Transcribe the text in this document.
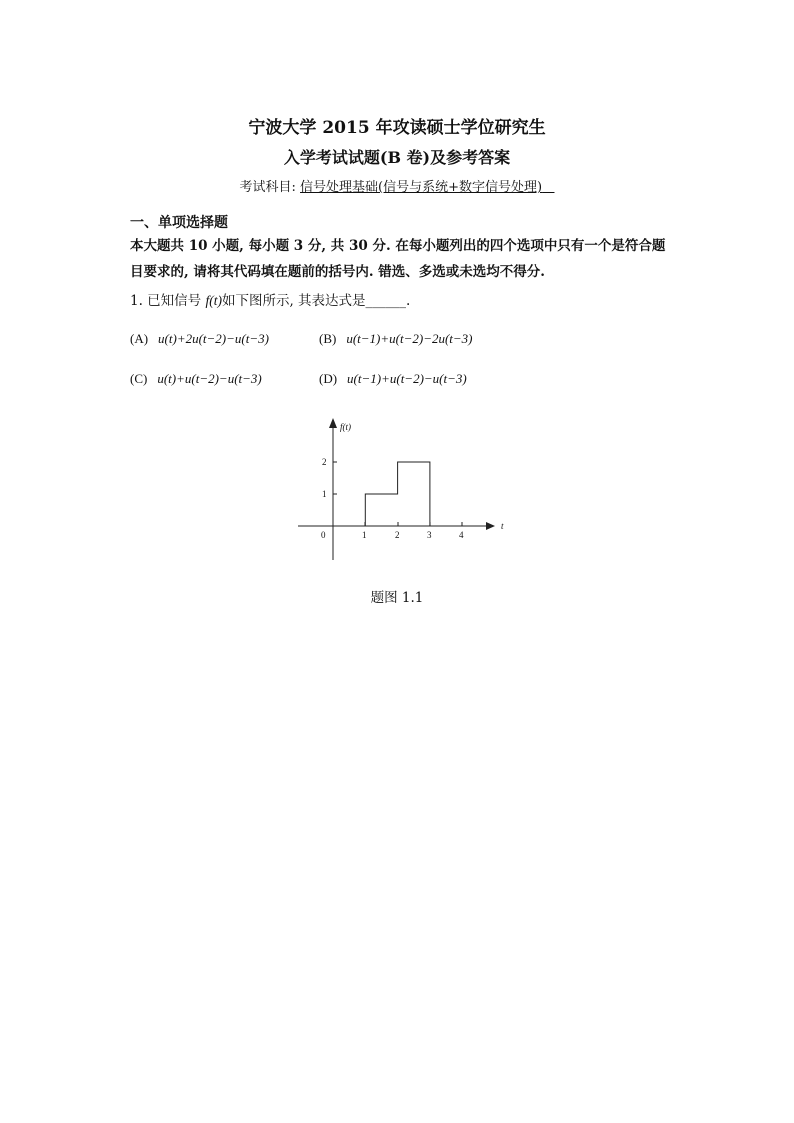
宁波大学 2015 年攻读硕士学位研究生
入学考试试题(B 卷)及参考答案
考试科目: 信号处理基础(信号与系统+数字信号处理)
一、单项选择题
本大题共 10 小题, 每小题 3 分, 共 30 分. 在每小题列出的四个选项中只有一个是符合题目要求的, 请将其代码填在题前的括号内. 错选、多选或未选均不得分.
1. 已知信号 f(t)如下图所示, 其表达式是______.
(A) u(t)+2u(t−2)−u(t−3)	(B) u(t−1)+u(t−2)−2u(t−3)
(C) u(t)+u(t−2)−u(t−3)	(D) u(t−1)+u(t−2)−u(t−3)
f(t)
t
0	1	2	3	4
1
2
题图 1.1
